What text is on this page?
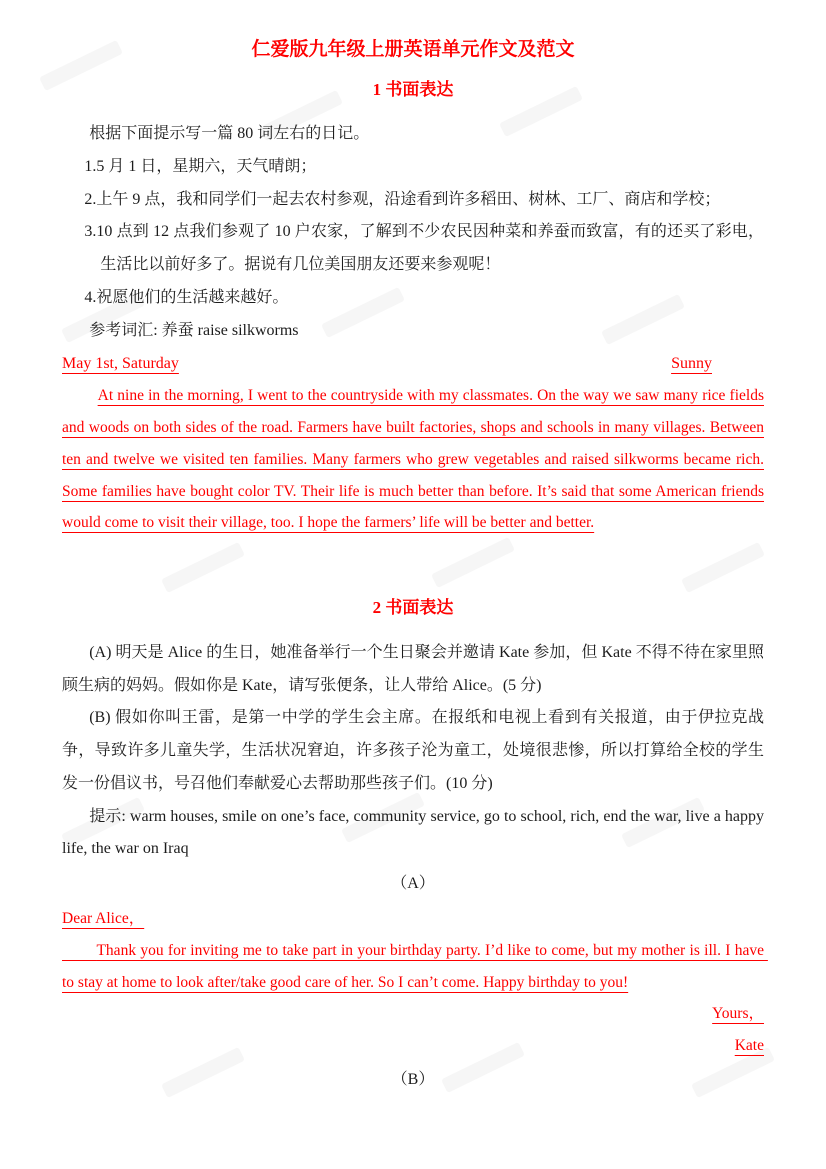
仁爱版九年级上册英语单元作文及范文
1 书面表达

根据下面提示写一篇 80 词左右的日记。

1.5 月 1 日，星期六，天气晴朗；

2.上午 9 点，我和同学们一起去农村参观，沿途看到许多稻田、树林、工厂、商店和学校；

3.10 点到 12 点我们参观了 10 户农家，了解到不少农民因种菜和养蚕而致富，有的还买了彩电，生活比以前好多了。据说有几位美国朋友还要来参观呢！

4.祝愿他们的生活越来越好。

参考词汇: 养蚕 raise silkworms

May 1st, Saturday	Sunny

At nine in the morning, I went to the countryside with my classmates. On the way we saw many rice fields and woods on both sides of the road. Farmers have built factories, shops and schools in many villages. Between ten and twelve we visited ten families. Many farmers who grew vegetables and raised silkworms became rich. Some families have bought color TV. Their life is much better than before. It’s said that some American friends would come to visit their village, too. I hope the farmers’ life will be better and better.

2 书面表达

(A) 明天是 Alice 的生日，她准备举行一个生日聚会并邀请 Kate 参加，但 Kate 不得不待在家里照顾生病的妈妈。假如你是 Kate，请写张便条，让人带给 Alice。(5 分)

(B) 假如你叫王雷，是第一中学的学生会主席。在报纸和电视上看到有关报道，由于伊拉克战争，导致许多儿童失学，生活状况窘迫，许多孩子沦为童工，处境很悲惨，所以打算给全校的学生发一份倡议书，号召他们奉献爱心去帮助那些孩子们。(10 分)

提示: warm houses, smile on one’s face, community service, go to school, rich, end the war, live a happy life, the war on Iraq

（A）

Dear Alice，

Thank you for inviting me to take part in your birthday party. I’d like to come, but my mother is ill. I have to stay at home to look after/take good care of her. So I can’t come. Happy birthday to you!

Yours，

Kate

（B）
